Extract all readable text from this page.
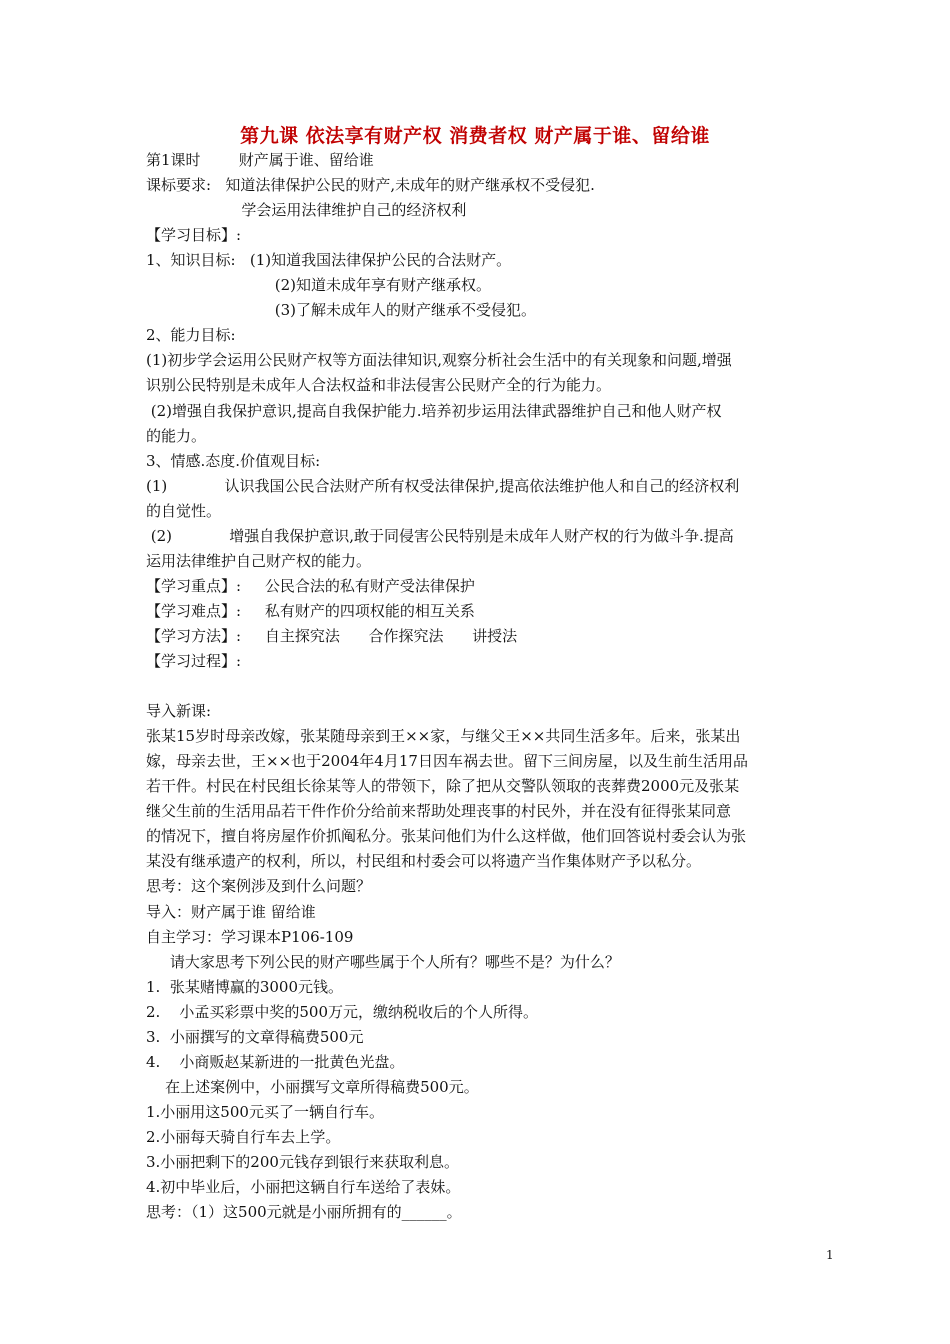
第九课 依法享有财产权 消费者权 财产属于谁、留给谁
第1课时        财产属于谁、留给谁
课标要求:   知道法律保护公民的财产,未成年的财产继承权不受侵犯.
学会运用法律维护自己的经济权利
【学习目标】:
1、知识目标:   (1)知道我国法律保护公民的合法财产。
(2)知道未成年享有财产继承权。
(3)了解未成年人的财产继承不受侵犯。
2、能力目标:
(1)初步学会运用公民财产权等方面法律知识,观察分析社会生活中的有关现象和问题,增强
识别公民特别是未成年人合法权益和非法侵害公民财产全的行为能力。
(2)增强自我保护意识,提高自我保护能力.培养初步运用法律武器维护自己和他人财产权
的能力。
3、情感.态度.价值观目标:
(1)            认识我国公民合法财产所有权受法律保护,提高依法维护他人和自己的经济权利
的自觉性。
(2)            增强自我保护意识,敢于同侵害公民特别是未成年人财产权的行为做斗争.提高
运用法律维护自己财产权的能力。
【学习重点】:     公民合法的私有财产受法律保护
【学习难点】:     私有财产的四项权能的相互关系
【学习方法】:     自主探究法      合作探究法      讲授法
【学习过程】:
导入新课:
张某15岁时母亲改嫁，张某随母亲到王××家，与继父王××共同生活多年。后来，张某出
嫁，母亲去世，王××也于2004年4月17日因车祸去世。留下三间房屋，以及生前生活用品
若干件。村民在村民组长徐某等人的带领下，除了把从交警队领取的丧葬费2000元及张某
继父生前的生活用品若干件作价分给前来帮助处理丧事的村民外，并在没有征得张某同意
的情况下，擅自将房屋作价抓阄私分。张某问他们为什么这样做，他们回答说村委会认为张
某没有继承遗产的权利，所以，村民组和村委会可以将遗产当作集体财产予以私分。
思考：这个案例涉及到什么问题？
导入：财产属于谁 留给谁
自主学习：学习课本P106-109
请大家思考下列公民的财产哪些属于个人所有？哪些不是？为什么？
1.  张某赌博赢的3000元钱。
2.    小孟买彩票中奖的500万元，缴纳税收后的个人所得。
3.  小丽撰写的文章得稿费500元
4.    小商贩赵某新进的一批黄色光盘。
在上述案例中，小丽撰写文章所得稿费500元。
1.小丽用这500元买了一辆自行车。
2.小丽每天骑自行车去上学。
3.小丽把剩下的200元钱存到银行来获取利息。
4.初中毕业后，小丽把这辆自行车送给了表妹。
思考：（1）这500元就是小丽所拥有的______。
1
